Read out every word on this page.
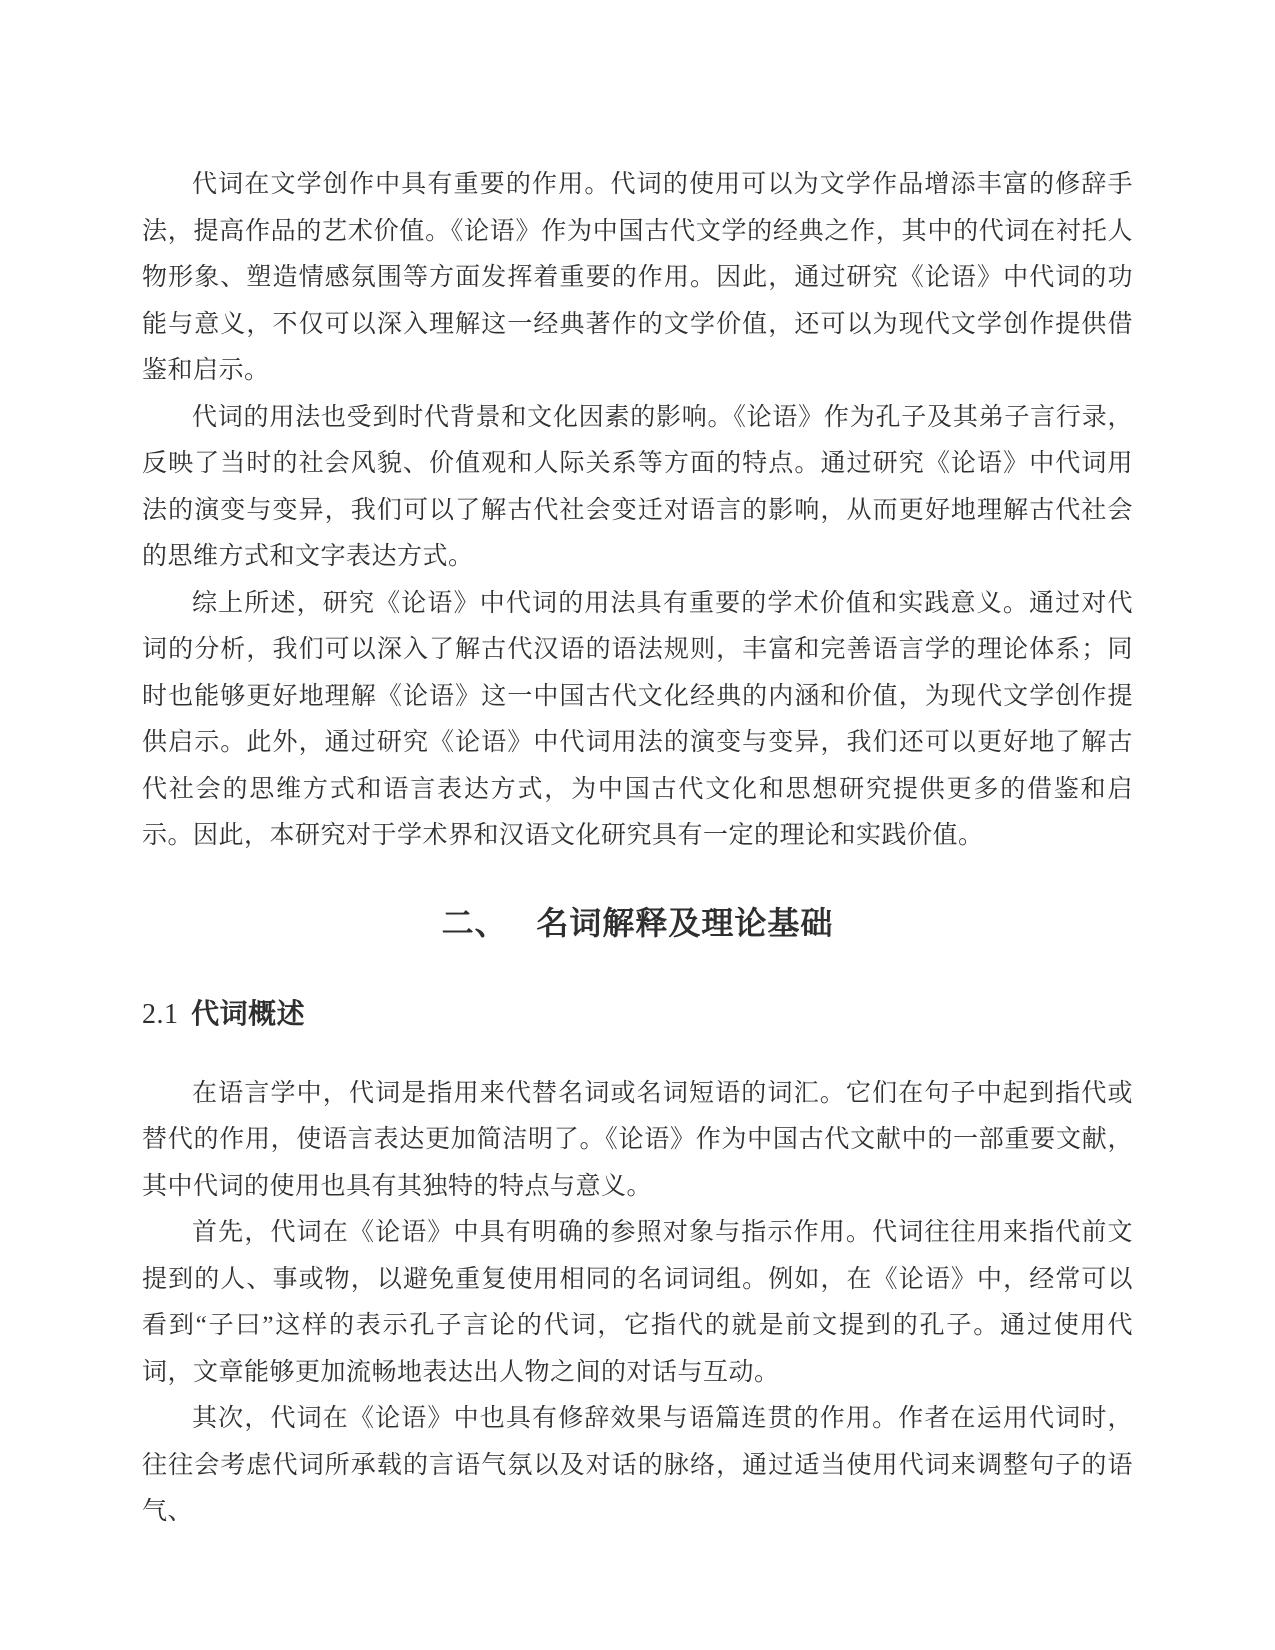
代词在文学创作中具有重要的作用。代词的使用可以为文学作品增添丰富的修辞手法，提高作品的艺术价值。《论语》作为中国古代文学的经典之作，其中的代词在衬托人物形象、塑造情感氛围等方面发挥着重要的作用。因此，通过研究《论语》中代词的功能与意义，不仅可以深入理解这一经典著作的文学价值，还可以为现代文学创作提供借鉴和启示。

代词的用法也受到时代背景和文化因素的影响。《论语》作为孔子及其弟子言行录，反映了当时的社会风貌、价值观和人际关系等方面的特点。通过研究《论语》中代词用法的演变与变异，我们可以了解古代社会变迁对语言的影响，从而更好地理解古代社会的思维方式和文字表达方式。

综上所述，研究《论语》中代词的用法具有重要的学术价值和实践意义。通过对代词的分析，我们可以深入了解古代汉语的语法规则，丰富和完善语言学的理论体系；同时也能够更好地理解《论语》这一中国古代文化经典的内涵和价值，为现代文学创作提供启示。此外，通过研究《论语》中代词用法的演变与变异，我们还可以更好地了解古代社会的思维方式和语言表达方式，为中国古代文化和思想研究提供更多的借鉴和启示。因此，本研究对于学术界和汉语文化研究具有一定的理论和实践价值。

二、 名词解释及理论基础
2.1 代词概述

在语言学中，代词是指用来代替名词或名词短语的词汇。它们在句子中起到指代或替代的作用，使语言表达更加简洁明了。《论语》作为中国古代文献中的一部重要文献，其中代词的使用也具有其独特的特点与意义。

首先，代词在《论语》中具有明确的参照对象与指示作用。代词往往用来指代前文提到的人、事或物，以避免重复使用相同的名词词组。例如，在《论语》中，经常可以看到“子曰”这样的表示孔子言论的代词，它指代的就是前文提到的孔子。通过使用代词，文章能够更加流畅地表达出人物之间的对话与互动。

其次，代词在《论语》中也具有修辞效果与语篇连贯的作用。作者在运用代词时，往往会考虑代词所承载的言语气氛以及对话的脉络，通过适当使用代词来调整句子的语气、
